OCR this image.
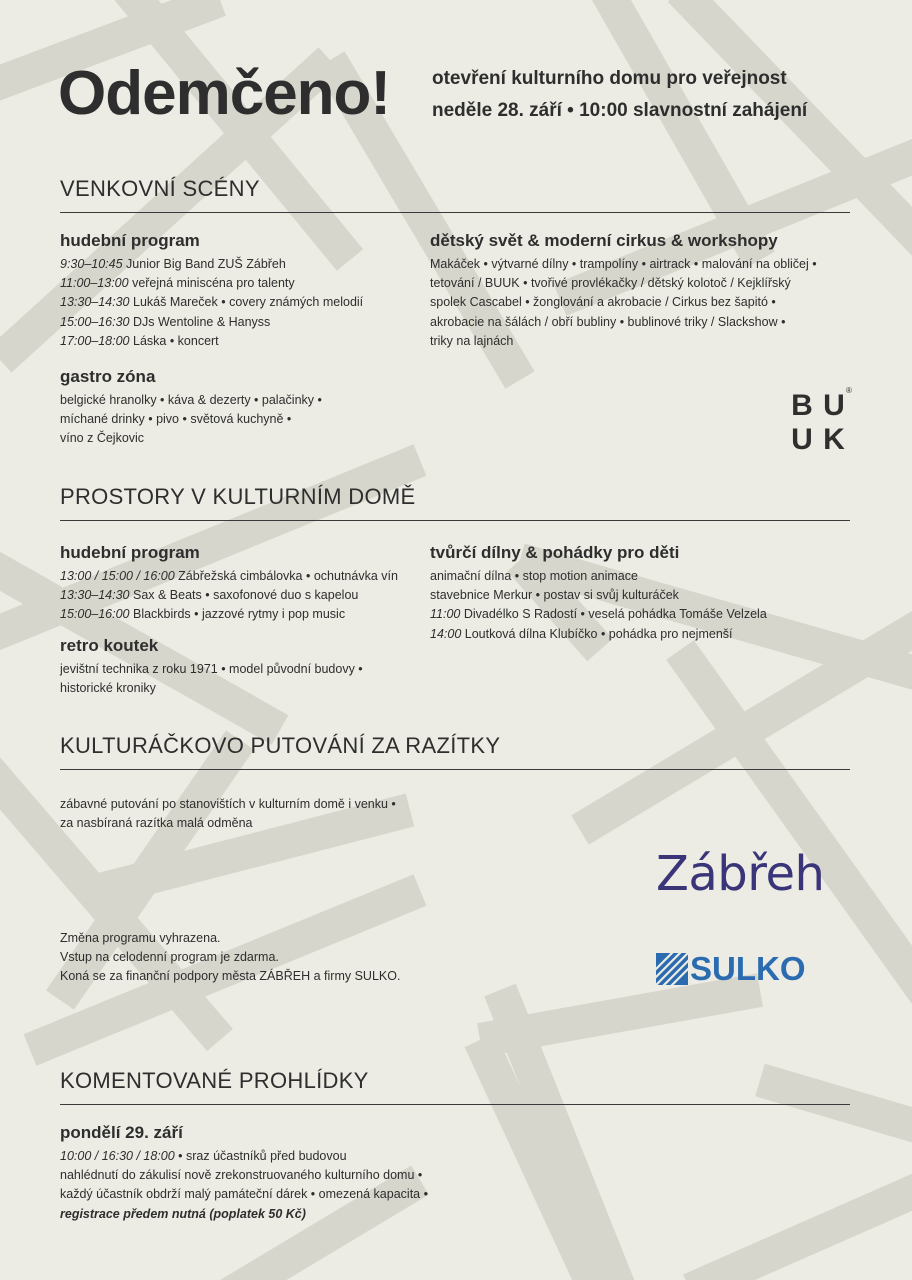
Odemčeno! otevření kulturního domu pro veřejnost
neděle 28. září • 10:00 slavnostní zahájení
VENKOVNÍ SCÉNY
hudební program
9:30–10:45 Junior Big Band ZUŠ Zábřeh
11:00–13:00 veřejná miniscéna pro talenty
13:30–14:30 Lukáš Mareček • covery známých melodií
15:00–16:30 DJs Wentoline & Hanyss
17:00–18:00 Láska • koncert
gastro zóna
belgické hranolky • káva & dezerty • palačinky •
míchané drinky • pivo • světová kuchyně •
víno z Čejkovic
dětský svět & moderní cirkus & workshopy
Makáček • výtvarné dílny • trampolíny • airtrack • malování na obličej •
tetování / BUUK • tvořivé provlékačky / dětský kolotoč / Kejklířský
spolek Cascabel • žonglování a akrobacie / Cirkus bez šapitó •
akrobacie na šálách / obří bubliny • bublinové triky / Slackshow •
triky na lajnách
B U
U K
®
PROSTORY V KULTURNÍM DOMĚ
hudební program
13:00 / 15:00 / 16:00 Zábřežská cimbálovka • ochutnávka vín
13:30–14:30 Sax & Beats • saxofonové duo s kapelou
15:00–16:00 Blackbirds • jazzové rytmy i pop music
retro koutek
jevištní technika z roku 1971 • model původní budovy •
historické kroniky
tvůrčí dílny & pohádky pro děti
animační dílna • stop motion animace
stavebnice Merkur • postav si svůj kulturáček
11:00 Divadélko S Radostí • veselá pohádka Tomáše Velzela
14:00 Loutková dílna Klubíčko • pohádka pro nejmenší
KULTURÁČKOVO PUTOVÁNÍ ZA RAZÍTKY
zábavné putování po stanovištích v kulturním domě i venku •
za nasbíraná razítka malá odměna
Změna programu vyhrazena.
Vstup na celodenní program je zdarma.
Koná se za finanční podpory města ZÁBŘEH a firmy SULKO.
Zábřeh
SULKO
KOMENTOVANÉ PROHLÍDKY
pondělí 29. září
10:00 / 16:30 / 18:00 • sraz účastníků před budovou
nahlédnutí do zákulisí nově zrekonstruovaného kulturního domu •
každý účastník obdrží malý památeční dárek • omezená kapacita •
registrace předem nutná (poplatek 50 Kč)
